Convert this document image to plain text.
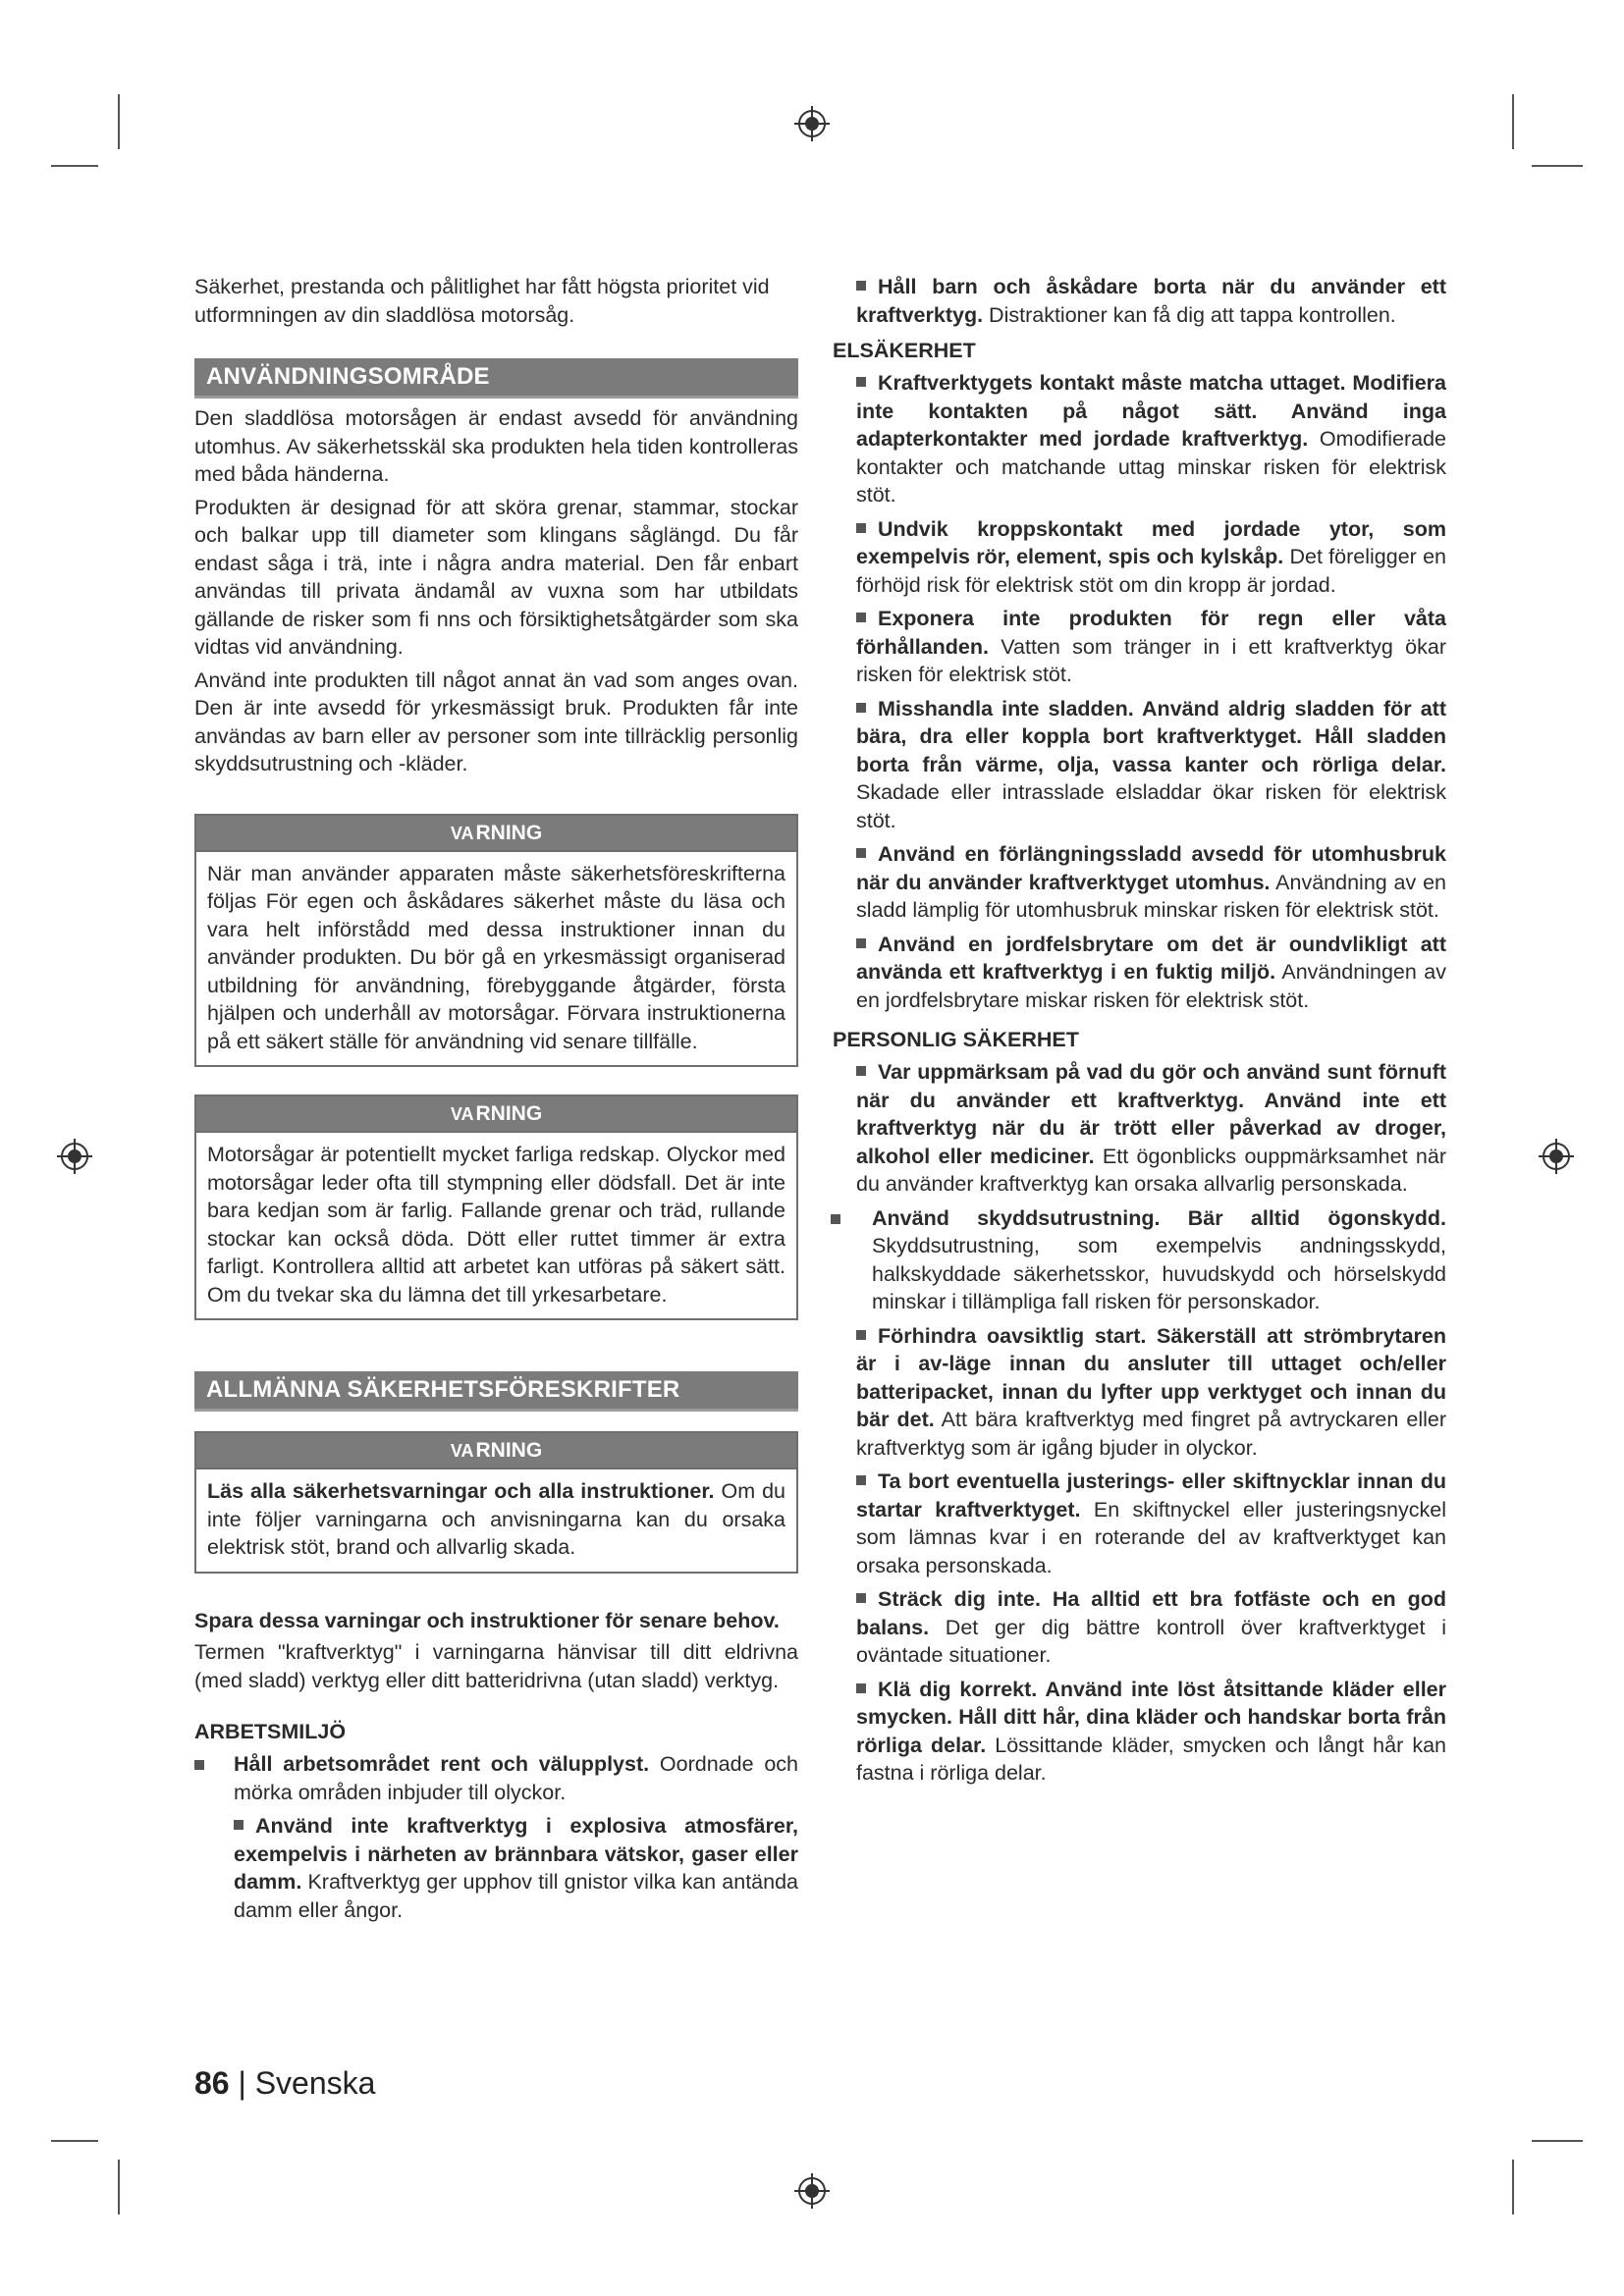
Säkerhet, prestanda och pålitlighet har fått högsta prioritet vid utformningen av din sladdlösa motorsåg.

ANVÄNDNINGSOMRÅDE

Den sladdlösa motorsågen är endast avsedd för användning utomhus. Av säkerhetsskäl ska produkten hela tiden kontrolleras med båda händerna.

Produkten är designad för att sköra grenar, stammar, stockar och balkar upp till diameter som klingans såglängd. Du får endast såga i trä, inte i några andra material. Den får enbart användas till privata ändamål av vuxna som har utbildats gällande de risker som fi nns och försiktighetsåtgärder som ska vidtas vid användning.

Använd inte produkten till något annat än vad som anges ovan. Den är inte avsedd för yrkesmässigt bruk. Produkten får inte användas av barn eller av personer som inte tillräcklig personlig skyddsutrustning och -kläder.

VARNING
När man använder apparaten måste säkerhetsföreskrifterna följas För egen och åskådares säkerhet måste du läsa och vara helt införstådd med dessa instruktioner innan du använder produkten. Du bör gå en yrkesmässigt organiserad utbildning för användning, förebyggande åtgärder, första hjälpen och underhåll av motorsågar. Förvara instruktionerna på ett säkert ställe för användning vid senare tillfälle.
VARNING
Motorsågar är potentiellt mycket farliga redskap. Olyckor med motorsågar leder ofta till stympning eller dödsfall. Det är inte bara kedjan som är farlig. Fallande grenar och träd, rullande stockar kan också döda. Dött eller ruttet timmer är extra farligt. Kontrollera alltid att arbetet kan utföras på säkert sätt. Om du tvekar ska du lämna det till yrkesarbetare.
ALLMÄNNA SÄKERHETSFÖRESKRIFTER
VARNING
Läs alla säkerhetsvarningar och alla instruktioner. Om du inte följer varningarna och anvisningarna kan du orsaka elektrisk stöt, brand och allvarlig skada.

Spara dessa varningar och instruktioner för senare behov.

Termen "kraftverktyg" i varningarna hänvisar till ditt eldrivna (med sladd) verktyg eller ditt batteridrivna (utan sladd) verktyg.

ARBETSMILJÖ

Håll arbetsområdet rent och välupplyst. Oordnade och mörka områden inbjuder till olyckor.
Använd inte kraftverktyg i explosiva atmosfärer, exempelvis i närheten av brännbara vätskor, gaser eller damm. Kraftverktyg ger upphov till gnistor vilka kan antända damm eller ångor.
Håll barn och åskådare borta när du använder ett kraftverktyg. Distraktioner kan få dig att tappa kontrollen.

ELSÄKERHET

Kraftverktygets kontakt måste matcha uttaget. Modifiera inte kontakten på något sätt. Använd inga adapterkontakter med jordade kraftverktyg. Omodifierade kontakter och matchande uttag minskar risken för elektrisk stöt.
Undvik kroppskontakt med jordade ytor, som exempelvis rör, element, spis och kylskåp. Det föreligger en förhöjd risk för elektrisk stöt om din kropp är jordad.
Exponera inte produkten för regn eller våta förhållanden. Vatten som tränger in i ett kraftverktyg ökar risken för elektrisk stöt.
Misshandla inte sladden. Använd aldrig sladden för att bära, dra eller koppla bort kraftverktyget. Håll sladden borta från värme, olja, vassa kanter och rörliga delar. Skadade eller intrasslade elsladdar ökar risken för elektrisk stöt.
Använd en förlängningssladd avsedd för utomhusbruk när du använder kraftverktyget utomhus. Användning av en sladd lämplig för utomhusbruk minskar risken för elektrisk stöt.
Använd en jordfelsbrytare om det är oundvlikligt att använda ett kraftverktyg i en fuktig miljö. Användningen av en jordfelsbrytare miskar risken för elektrisk stöt.

PERSONLIG SÄKERHET

Var uppmärksam på vad du gör och använd sunt förnuft när du använder ett kraftverktyg. Använd inte ett kraftverktyg när du är trött eller påverkad av droger, alkohol eller mediciner. Ett ögonblicks ouppmärksamhet när du använder kraftverktyg kan orsaka allvarlig personskada.
Använd skyddsutrustning. Bär alltid ögonskydd. Skyddsutrustning, som exempelvis andningsskydd, halkskyddade säkerhetsskor, huvudskydd och hörselskydd minskar i tillämpliga fall risken för personskador.
Förhindra oavsiktlig start. Säkerställ att strömbrytaren är i av-läge innan du ansluter till uttaget och/eller batteripacket, innan du lyfter upp verktyget och innan du bär det. Att bära kraftverktyg med fingret på avtryckaren eller kraftverktyg som är igång bjuder in olyckor.
Ta bort eventuella justerings- eller skiftnycklar innan du startar kraftverktyget. En skiftnyckel eller justeringsnyckel som lämnas kvar i en roterande del av kraftverktyget kan orsaka personskada.
Sträck dig inte. Ha alltid ett bra fotfäste och en god balans. Det ger dig bättre kontroll över kraftverktyget i oväntade situationer.
Klä dig korrekt. Använd inte löst åtsittande kläder eller smycken. Håll ditt hår, dina kläder och handskar borta från rörliga delar. Lössittande kläder, smycken och långt hår kan fastna i rörliga delar.
86 | Svenska
